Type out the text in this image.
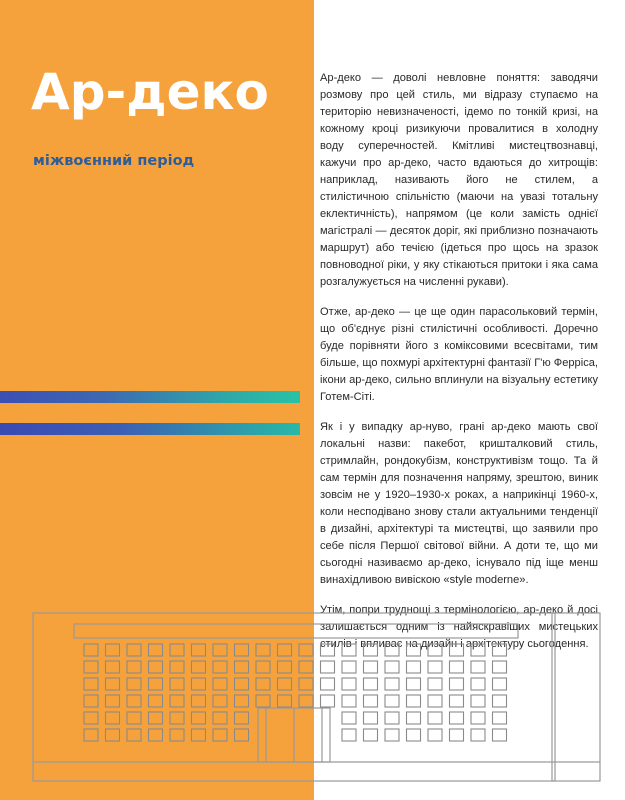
Ар-деко
міжвоєнний період

Ар-деко — доволі невловне поняття: заводячи розмову про цей стиль, ми відразу ступаємо на територію невизначеності, ідемо по тонкій кризі, на кожному кроці ризикуючи провалитися в холодну воду суперечностей. Кмітливі мистецтвознавці, кажучи про ар-деко, часто вдаються до хитрощів: наприклад, називають його не стилем, а стилістичною спільністю (маючи на увазі тотальну еклектичність), напрямом (це коли замість однієї магістралі — десяток доріг, які приблизно позначають маршрут) або течією (ідеться про щось на зразок повноводної ріки, у яку стікаються притоки і яка сама розгалужується на численні рукави).

Отже, ар-деко — це ще один парасольковий термін, що об'єднує різні стилістичні особливості. Доречно буде порівняти його з коміксовими всесвітами, тим більше, що похмурі архітектурні фантазії Г'ю Ферріса, ікони ар-деко, сильно вплинули на візуальну естетику Готем-Сіті.

Як і у випадку ар-нуво, грані ар-деко мають свої локальні назви: пакебот, кришталковий стиль, стримлайн, рондокубізм, конструктивізм тощо. Та й сам термін для позначення напряму, зрештою, виник зовсім не у 1920–1930-х роках, а наприкінці 1960-х, коли несподівано знову стали актуальними тенденції в дизайні, архітектурі та мистецтві, що заявили про себе після Першої світової війни. А доти те, що ми сьогодні називаємо ар-деко, існувало під іще менш винахідливою вивіскою «style moderne».

Утім, попри труднощі з термінологією, ар-деко й досі залишається одним із найяскравіших мистецьких стилів і впливає на дизайн і архітектуру сьогодення.
